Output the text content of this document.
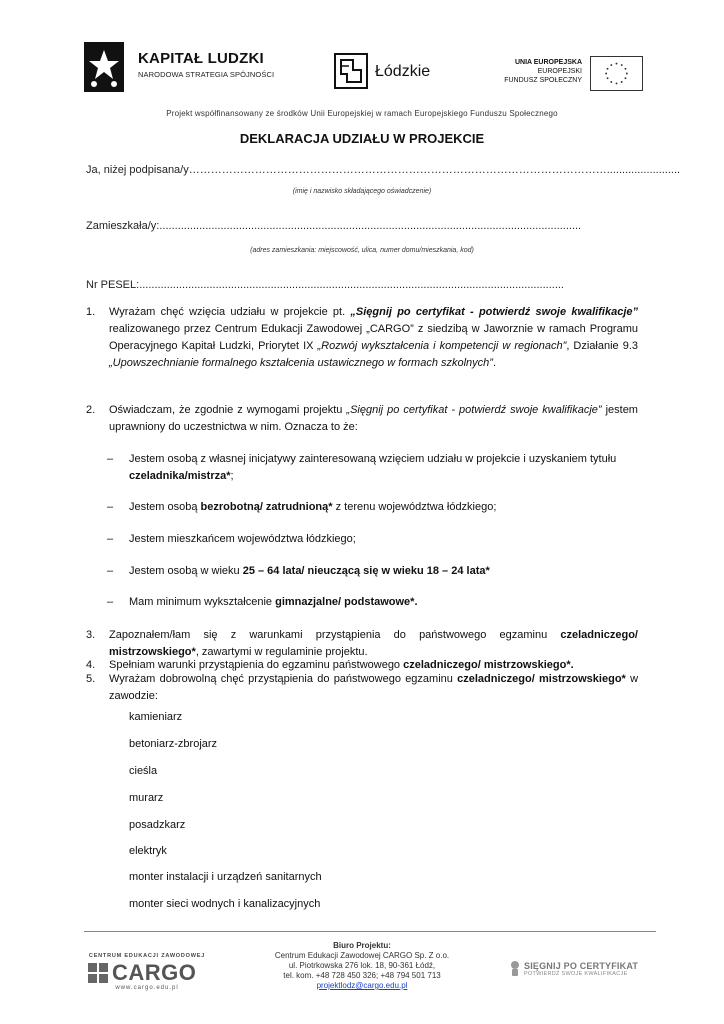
KAPITAŁ LUDZKI
NARODOWA STRATEGIA SPÓJNOŚCI	Łódzkie
UNIA EUROPEJSKA
EUROPEJSKI
FUNDUSZ SPOŁECZNY
Projekt współfinansowany ze środków Unii Europejskiej w ramach Europejskiego Funduszu Społecznego
DEKLARACJA UDZIAŁU W PROJEKCIE
Ja, niżej podpisana/y……………………………………………………………………………………………………........................
(imię i nazwisko składającego oświadczenie)
Zamieszkała/y:..........................................................................................................................................
(adres zamieszkania: miejscowość, ulica, numer domu/mieszkania, kod)
Nr PESEL:...........................................................................................................................................
1. Wyrażam chęć wzięcia udziału w projekcie pt. „Sięgnij po certyfikat - potwierdź swoje kwalifikacje” realizowanego przez Centrum Edukacji Zawodowej „CARGO” z siedzibą w Jaworznie w ramach Programu Operacyjnego Kapitał Ludzki, Priorytet IX „Rozwój wykształcenia i kompetencji w regionach”, Działanie 9.3 „Upowszechnianie formalnego kształcenia ustawicznego w formach szkolnych”.
2. Oświadczam, że zgodnie z wymogami projektu „Sięgnij po certyfikat - potwierdź swoje kwalifikacje” jestem uprawniony do uczestnictwa w nim. Oznacza to że:
– Jestem osobą z własnej inicjatywy zainteresowaną wzięciem udziału w projekcie i uzyskaniem tytułu czeladnika/mistrza*;
– Jestem osobą bezrobotną/ zatrudnioną* z terenu województwa łódzkiego;
– Jestem mieszkańcem województwa łódzkiego;
– Jestem osobą w wieku 25 – 64 lata/ nieuczącą się w wieku 18 – 24 lata*
– Mam minimum wykształcenie gimnazjalne/ podstawowe*.
3. Zapoznałem/łam się z warunkami przystąpienia do państwowego egzaminu czeladniczego/ mistrzowskiego*, zawartymi w regulaminie projektu.
4. Spełniam warunki przystąpienia do egzaminu państwowego czeladniczego/ mistrzowskiego*.
5. Wyrażam dobrowolną chęć przystąpienia do państwowego egzaminu czeladniczego/ mistrzowskiego* w zawodzie:
kamieniarz
betoniarz-zbrojarz
cieśla
murarz
posadzkarz
elektryk
monter instalacji i urządzeń sanitarnych
monter sieci wodnych i kanalizacyjnych
CENTRUM EDUKACJI ZAWODOWEJ
CARGO
www.cargo.edu.pl
Biuro Projektu:
Centrum Edukacji Zawodowej CARGO Sp. Z o.o.
ul. Piotrkowska 276 lok. 18, 90-361 Łódź,
tel. kom. +48 728 450 326; +48 794 501 713
projektlodz@cargo.edu.pl
SIĘGNIJ PO CERTYFIKAT
POTWIERDŹ SWOJE KWALIFIKACJE
